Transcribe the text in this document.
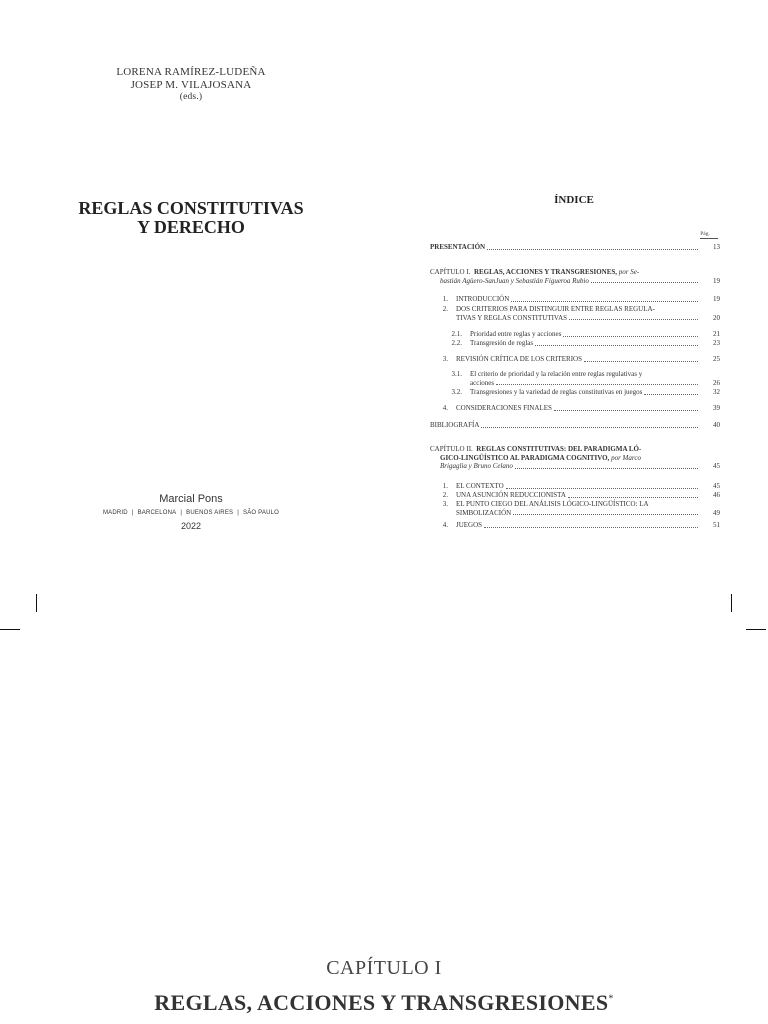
LORENA RAMÍREZ-LUDEÑA
JOSEP M. VILAJOSANA
(eds.)
REGLAS CONSTITUTIVAS
Y DERECHO
Marcial Pons
MADRID | BARCELONA | BUENOS AIRES | SÃO PAULO
2022
ÍNDICE
Pág.
PRESENTACIÓN	13
CAPÍTULO I. REGLAS, ACCIONES Y TRANSGRESIONES, por Se-
bastián Agüero-SanJuan y Sebastián Figueroa Rubio	19
1. INTRODUCCIÓN	19
2. DOS CRITERIOS PARA DISTINGUIR ENTRE REGLAS REGULA-
TIVAS Y REGLAS CONSTITUTIVAS	20
2.1. Prioridad entre reglas y acciones	21
2.2. Transgresión de reglas	23
3. REVISIÓN CRÍTICA DE LOS CRITERIOS	25
3.1. El criterio de prioridad y la relación entre reglas regulativas y
acciones	26
3.2. Transgresiones y la variedad de reglas constitutivas en juegos	32
4. CONSIDERACIONES FINALES	39
BIBLIOGRAFÍA	40
CAPÍTULO II. REGLAS CONSTITUTIVAS: DEL PARADIGMA LÓ-
GICO-LINGÜÍSTICO AL PARADIGMA COGNITIVO, por Marco
Brigaglia y Bruno Celano	45
1. EL CONTEXTO	45
2. UNA ASUNCIÓN REDUCCIONISTA	46
3. EL PUNTO CIEGO DEL ANÁLISIS LÓGICO-LINGÜÍSTICO: LA
SIMBOLIZACIÓN	49
4. JUEGOS	51
CAPÍTULO I
REGLAS, ACCIONES Y TRANSGRESIONES*
